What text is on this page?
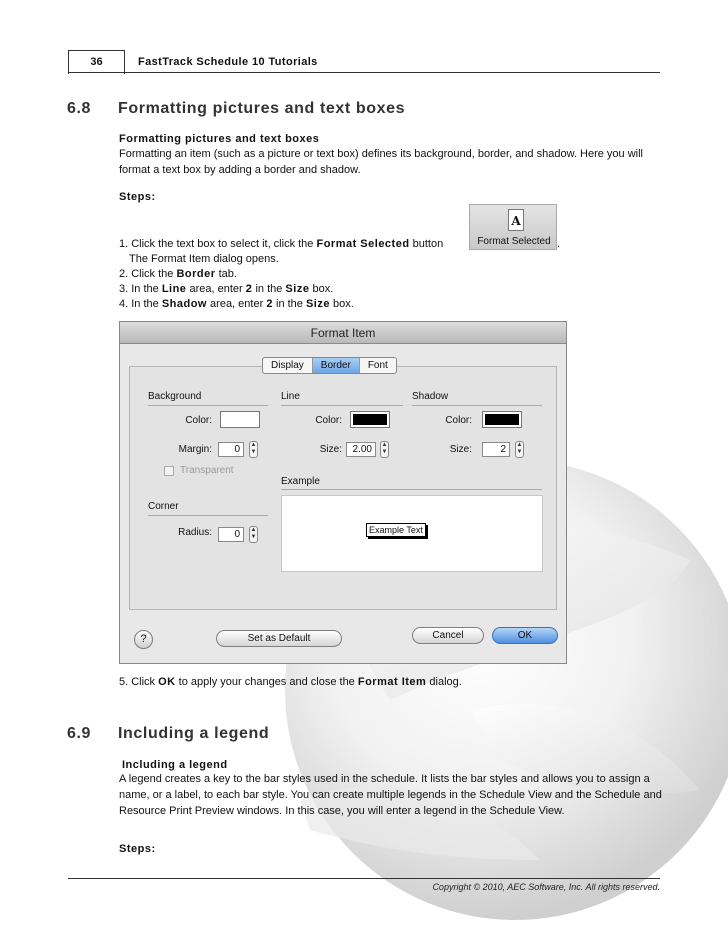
36	FastTrack Schedule 10 Tutorials
6.8 Formatting pictures and text boxes
Formatting pictures and text boxes
Formatting an item (such as a picture or text box) defines its background, border, and shadow. Here you will format a text box by adding a border and shadow.
Steps:
1. Click the text box to select it, click the Format Selected button	.
The Format Item dialog opens.
2. Click the Border tab.
3. In the Line area, enter 2 in the Size box.
4. In the Shadow area, enter 2 in the Size box.
A
Format Selected
Format Item
Background
Color:
Margin:	0	▲
▼
Transparent
Line
Color:
Size:	2.00	▲
▼
Shadow
Color:
Size:	2	▲
▼
Example
Example Text
Corner
Radius:	0	▲
▼
Display	Border	Font
?	Set as Default	Cancel	OK
5. Click OK to apply your changes and close the Format Item dialog.
6.9 Including a legend
Including a legend
A legend creates a key to the bar styles used in the schedule. It lists the bar styles and allows you to assign a name, or a label, to each bar style. You can create multiple legends in the Schedule View and the Schedule and Resource Print Preview windows. In this case, you will enter a legend in the Schedule View.
Steps:
Copyright © 2010, AEC Software, Inc. All rights reserved.
